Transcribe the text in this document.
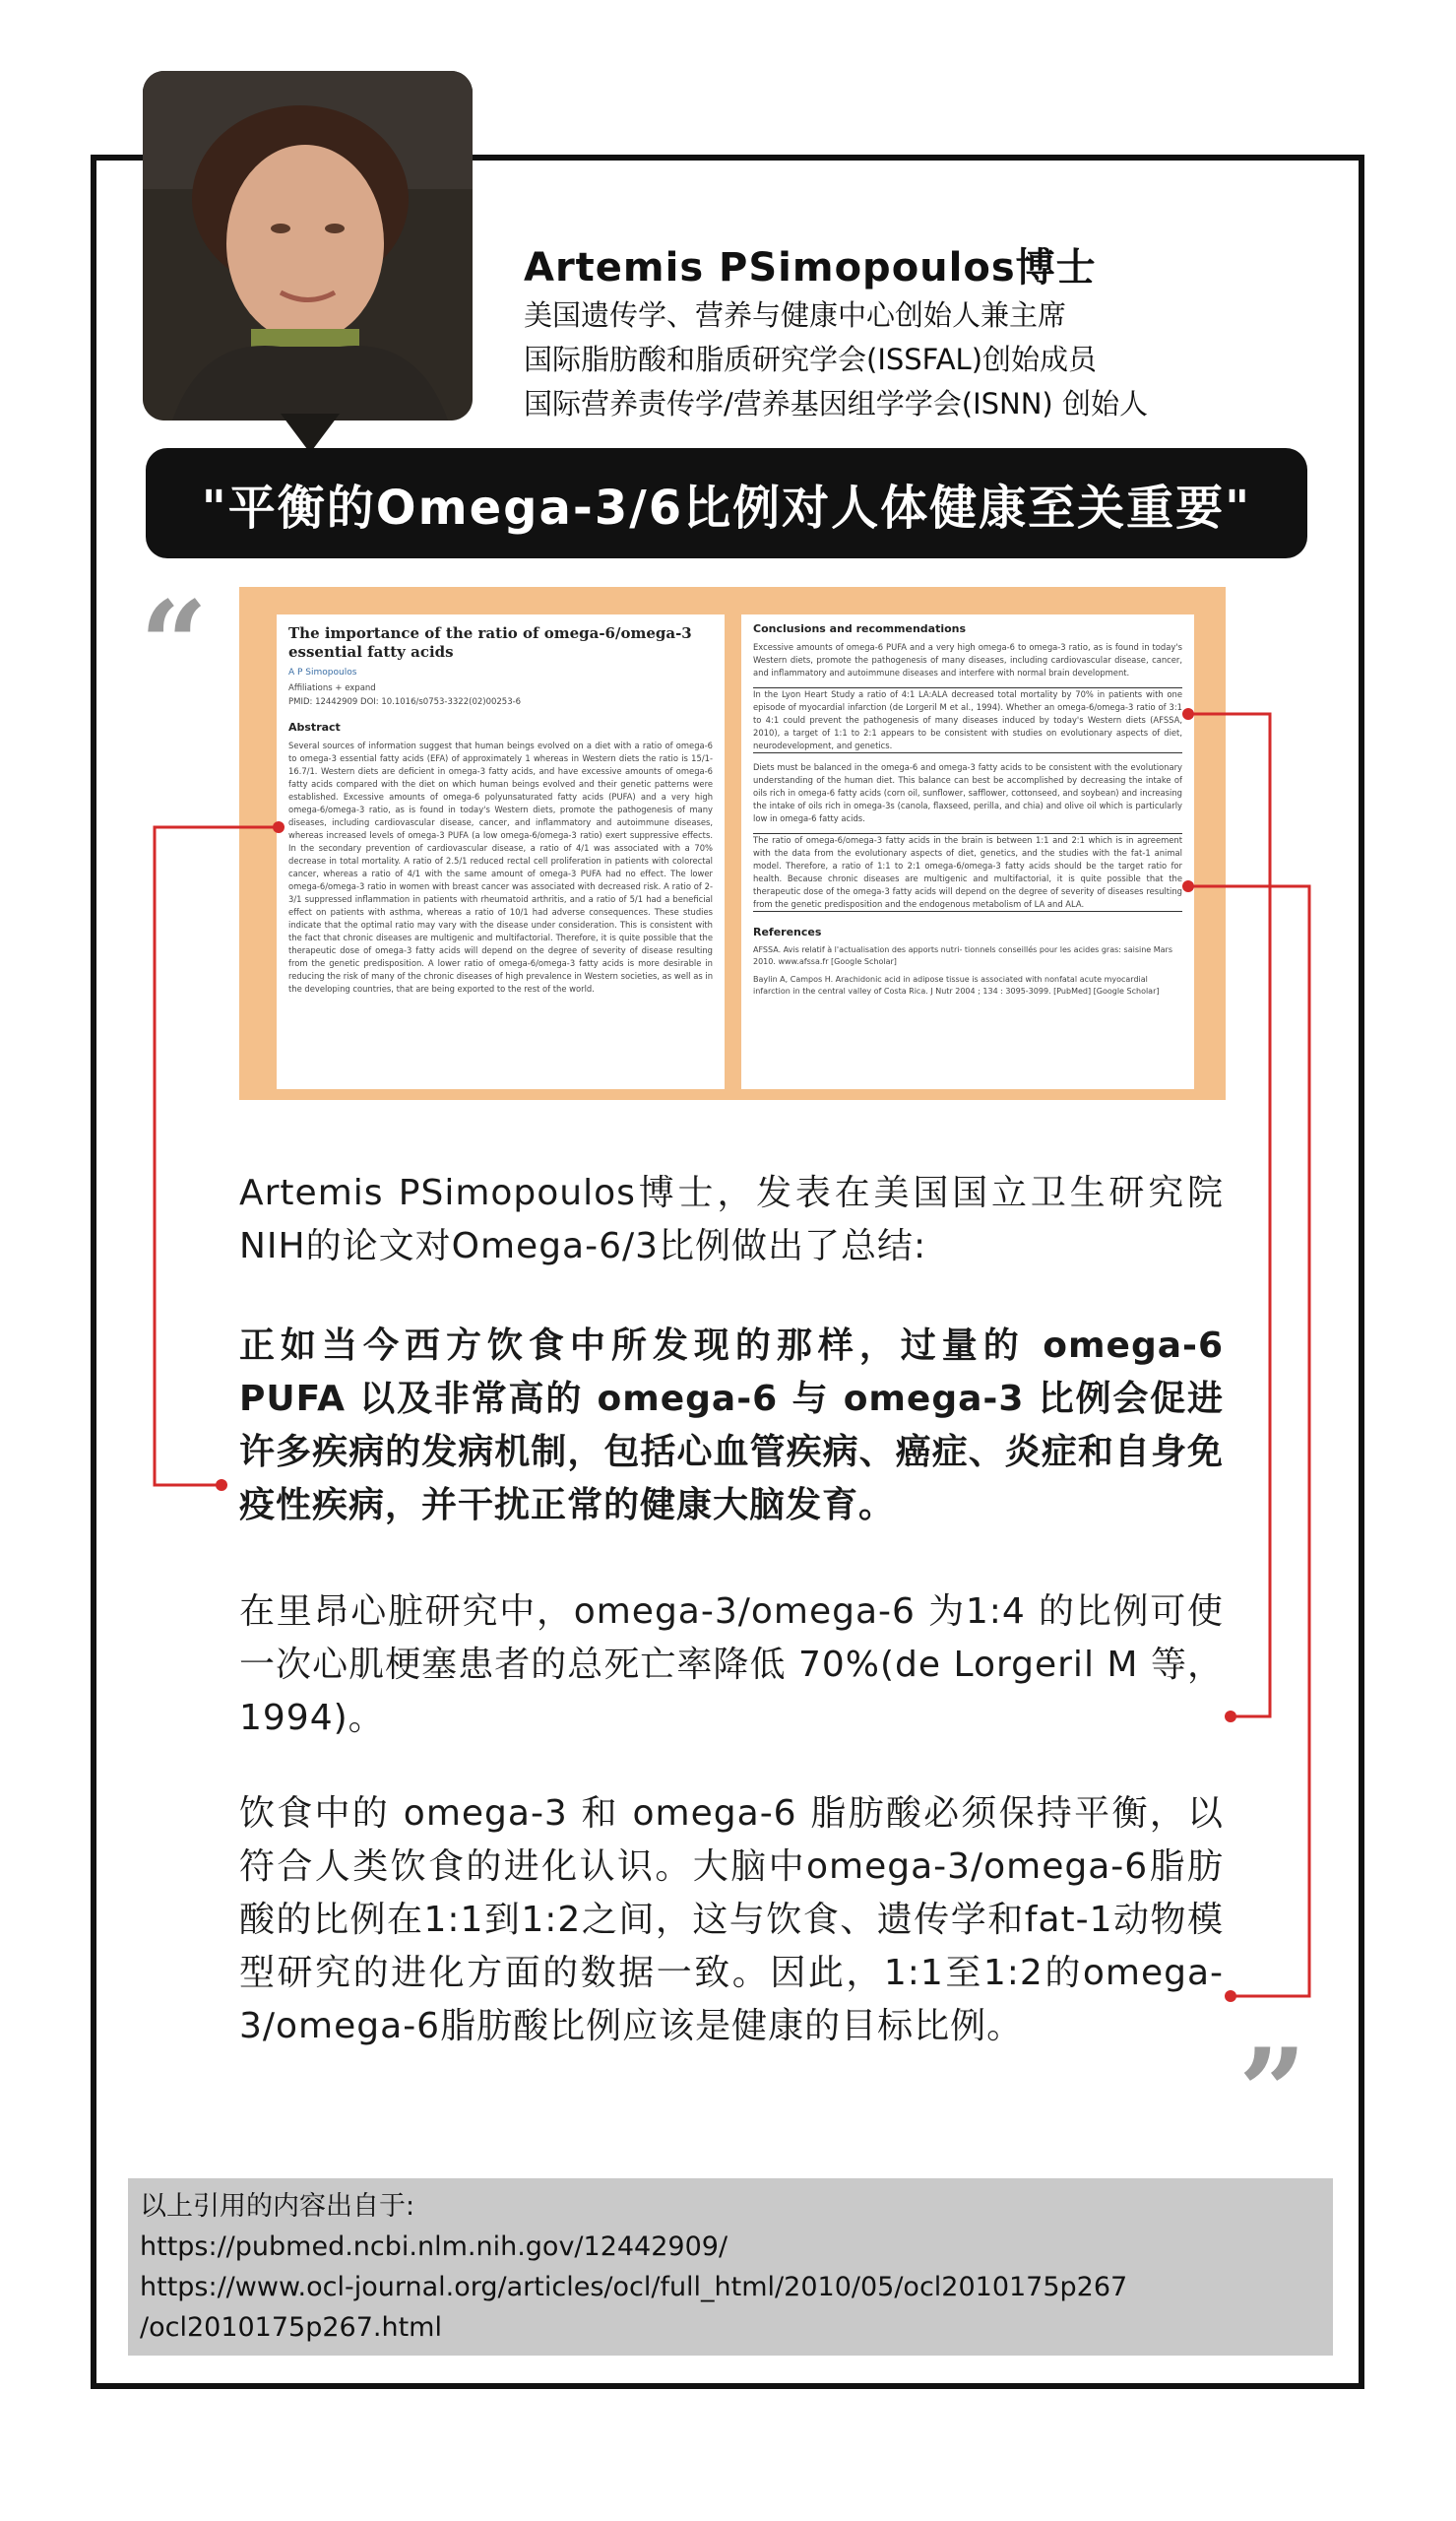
Artemis PSimopoulos博士
美国遗传学、营养与健康中心创始人兼主席
国际脂肪酸和脂质研究学会(ISSFAL)创始成员
国际营养责传学/营养基因组学学会(ISNN) 创始人
"平衡的Omega-3/6比例对人体健康至关重要"
“	The importance of the ratio of omega-6/omega-3 essential fatty acids
A P Simopoulos
Affiliations + expand
PMID: 12442909 DOI: 10.1016/s0753-3322(02)00253-6
Abstract
Several sources of information suggest that human beings evolved on a diet with a ratio of omega-6 to omega-3 essential fatty acids (EFA) of approximately 1 whereas in Western diets the ratio is 15/1-16.7/1. Western diets are deficient in omega-3 fatty acids, and have excessive amounts of omega-6 fatty acids compared with the diet on which human beings evolved and their genetic patterns were established. Excessive amounts of omega-6 polyunsaturated fatty acids (PUFA) and a very high omega-6/omega-3 ratio, as is found in today's Western diets, promote the pathogenesis of many diseases, including cardiovascular disease, cancer, and inflammatory and autoimmune diseases, whereas increased levels of omega-3 PUFA (a low omega-6/omega-3 ratio) exert suppressive effects. In the secondary prevention of cardiovascular disease, a ratio of 4/1 was associated with a 70% decrease in total mortality. A ratio of 2.5/1 reduced rectal cell proliferation in patients with colorectal cancer, whereas a ratio of 4/1 with the same amount of omega-3 PUFA had no effect. The lower omega-6/omega-3 ratio in women with breast cancer was associated with decreased risk. A ratio of 2-3/1 suppressed inflammation in patients with rheumatoid arthritis, and a ratio of 5/1 had a beneficial effect on patients with asthma, whereas a ratio of 10/1 had adverse consequences. These studies indicate that the optimal ratio may vary with the disease under consideration. This is consistent with the fact that chronic diseases are multigenic and multifactorial. Therefore, it is quite possible that the therapeutic dose of omega-3 fatty acids will depend on the degree of severity of disease resulting from the genetic predisposition. A lower ratio of omega-6/omega-3 fatty acids is more desirable in reducing the risk of many of the chronic diseases of high prevalence in Western societies, as well as in the developing countries, that are being exported to the rest of the world.
Conclusions and recommendations
Excessive amounts of omega-6 PUFA and a very high omega-6 to omega-3 ratio, as is found in today's Western diets, promote the pathogenesis of many diseases, including cardiovascular disease, cancer, and inflammatory and autoimmune diseases and interfere with normal brain development.
In the Lyon Heart Study a ratio of 4:1 LA:ALA decreased total mortality by 70% in patients with one episode of myocardial infarction (de Lorgeril M et al., 1994). Whether an omega-6/omega-3 ratio of 3:1 to 4:1 could prevent the pathogenesis of many diseases induced by today's Western diets (AFSSA, 2010), a target of 1:1 to 2:1 appears to be consistent with studies on evolutionary aspects of diet, neurodevelopment, and genetics.
Diets must be balanced in the omega-6 and omega-3 fatty acids to be consistent with the evolutionary understanding of the human diet. This balance can best be accomplished by decreasing the intake of oils rich in omega-6 fatty acids (corn oil, sunflower, safflower, cottonseed, and soybean) and increasing the intake of oils rich in omega-3s (canola, flaxseed, perilla, and chia) and olive oil which is particularly low in omega-6 fatty acids.
The ratio of omega-6/omega-3 fatty acids in the brain is between 1:1 and 2:1 which is in agreement with the data from the evolutionary aspects of diet, genetics, and the studies with the fat-1 animal model. Therefore, a ratio of 1:1 to 2:1 omega-6/omega-3 fatty acids should be the target ratio for health. Because chronic diseases are multigenic and multifactorial, it is quite possible that the therapeutic dose of the omega-3 fatty acids will depend on the degree of severity of diseases resulting from the genetic predisposition and the endogenous metabolism of LA and ALA.
References
AFSSA. Avis relatif à l'actualisation des apports nutri- tionnels conseillés pour les acides gras: saisine Mars 2010. www.afssa.fr [Google Scholar]
Baylin A, Campos H. Arachidonic acid in adipose tissue is associated with nonfatal acute myocardial infarction in the central valley of Costa Rica. J Nutr 2004 ; 134 : 3095-3099. [PubMed] [Google Scholar]
Artemis PSimopoulos博士，发表在美国国立卫生研究院NIH的论文对Omega-6/3比例做出了总结:
正如当今西方饮食中所发现的那样，过量的 omega-6 PUFA 以及非常高的 omega-6 与 omega-3 比例会促进许多疾病的发病机制，包括心血管疾病、癌症、炎症和自身免疫性疾病，并干扰正常的健康大脑发育。
在里昂心脏研究中，omega-3/omega-6 为1:4 的比例可使一次心肌梗塞患者的总死亡率降低 70%(de Lorgeril M 等，1994)。
饮食中的 omega-3 和 omega-6 脂肪酸必须保持平衡，以符合人类饮食的进化认识。大脑中omega-3/omega-6脂肪酸的比例在1:1到1:2之间，这与饮食、遗传学和fat-1动物模型研究的进化方面的数据一致。因此，1:1至1:2的omega-3/omega-6脂肪酸比例应该是健康的目标比例。	”
以上引用的内容出自于:
https://pubmed.ncbi.nlm.nih.gov/12442909/
https://www.ocl-journal.org/articles/ocl/full_html/2010/05/ocl2010175p267
/ocl2010175p267.html
